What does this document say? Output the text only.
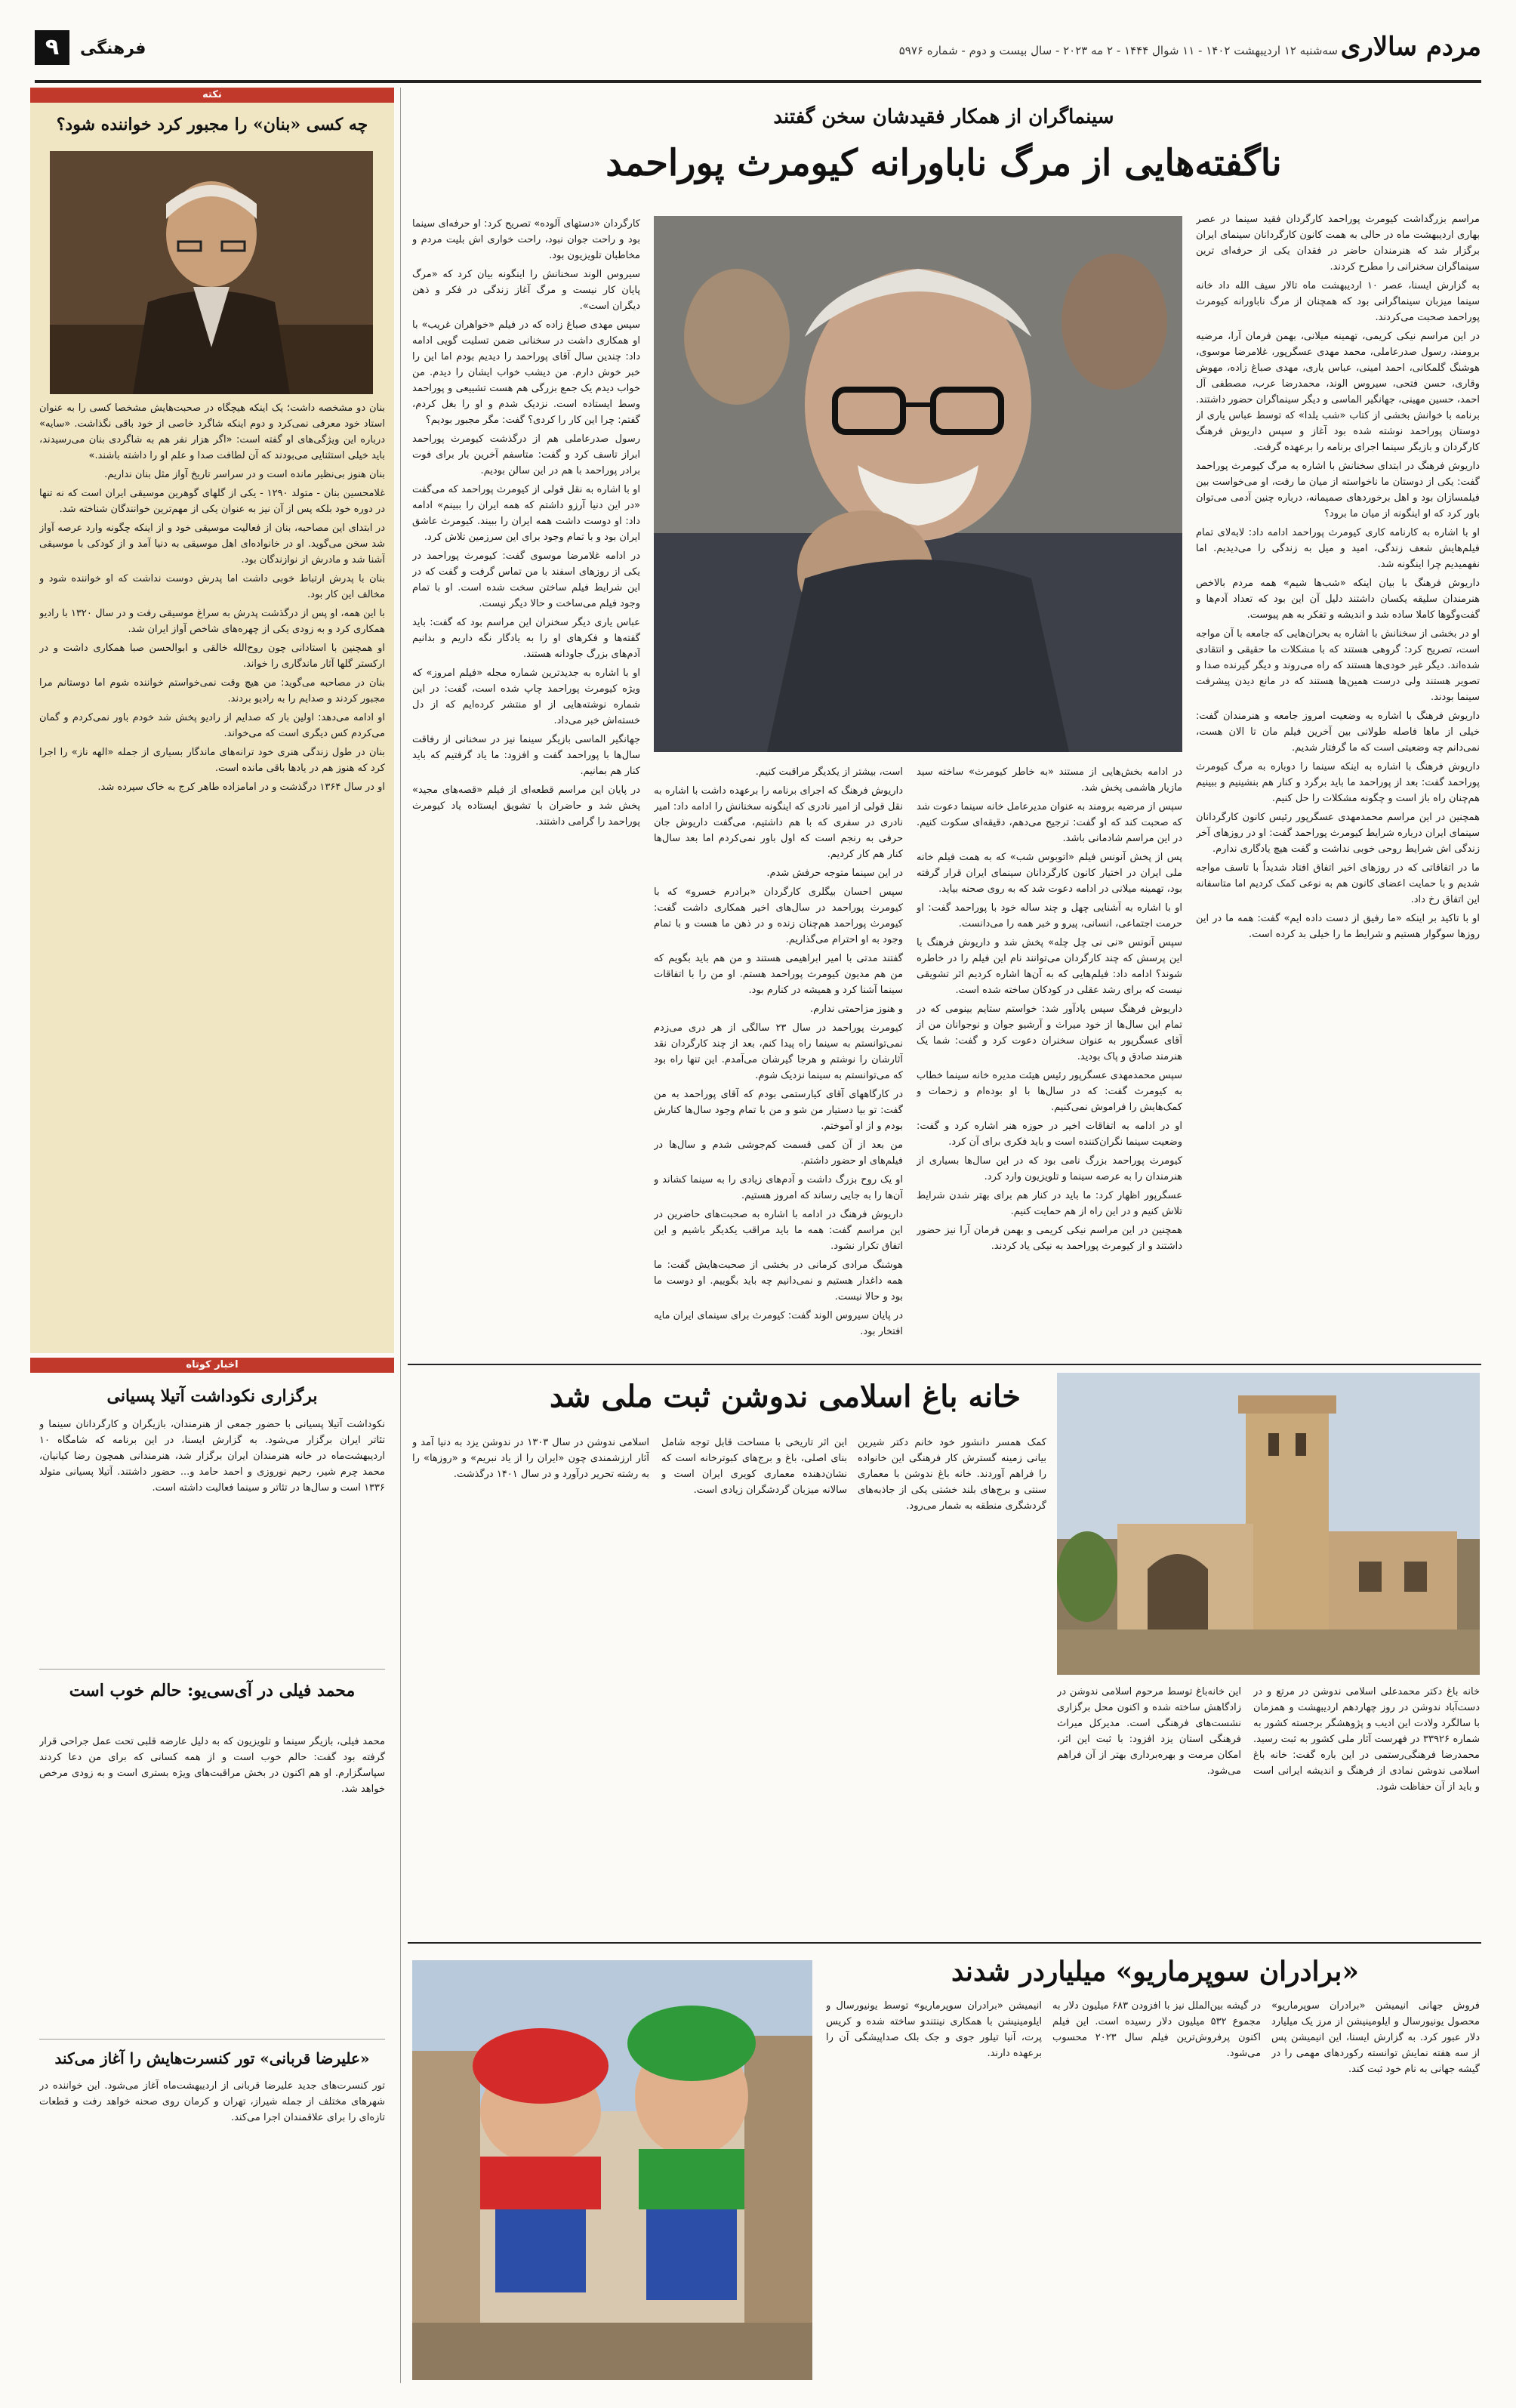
مردم سالاری
سه‌شنبه ۱۲ اردیبهشت ۱۴۰۲ - ۱۱ شوال ۱۴۴۴ - ۲ مه ۲۰۲۳ - سال بیست و دوم - شماره ۵۹۷۶
فرهنگی
۹
نکته
چه کسی «بنان» را مجبور کرد خواننده شود؟

بنان دو مشخصه داشت؛ یک اینکه هیچگاه در صحبت‌هایش مشخصا کسی را به عنوان استاد خود معرفی نمی‌کرد و دوم اینکه شاگرد خاصی از خود باقی نگذاشت. «سایه» درباره این ویژگی‌های او گفته است: «اگر هزار نفر هم به شاگردی بنان می‌رسیدند، باید خیلی استثنایی می‌بودند که آن لطافت صدا و علم او را داشته باشند.»

بنان هنوز بی‌نظیر مانده است و در سراسر تاریخ آواز مثل بنان نداریم.

غلامحسین بنان - متولد ۱۲۹۰ - یکی از گلهای گوهرین موسیقی ایران است که نه تنها در دوره خود بلکه پس از آن نیز به عنوان یکی از مهم‌ترین خوانندگان شناخته شد.

در ابتدای این مصاحبه، بنان از فعالیت موسیقی خود و از اینکه چگونه وارد عرصه آواز شد سخن می‌گوید. او در خانواده‌ای اهل موسیقی به دنیا آمد و از کودکی با موسیقی آشنا شد و مادرش از نوازندگان بود.

بنان با پدرش ارتباط خوبی داشت اما پدرش دوست نداشت که او خواننده شود و مخالف این کار بود.

با این همه، او پس از درگذشت پدرش به سراغ موسیقی رفت و در سال ۱۳۲۰ با رادیو همکاری کرد و به زودی یکی از چهره‌های شاخص آواز ایران شد.

او همچنین با استادانی چون روح‌الله خالقی و ابوالحسن صبا همکاری داشت و در ارکستر گلها آثار ماندگاری را خواند.

بنان در مصاحبه می‌گوید: من هیچ وقت نمی‌خواستم خواننده شوم اما دوستانم مرا مجبور کردند و صدایم را به رادیو بردند.

او ادامه می‌دهد: اولین بار که صدایم از رادیو پخش شد خودم باور نمی‌کردم و گمان می‌کردم کس دیگری است که می‌خواند.

بنان در طول زندگی هنری خود ترانه‌های ماندگار بسیاری از جمله «الهه ناز» را اجرا کرد که هنوز هم در یادها باقی مانده است.

او در سال ۱۳۶۴ درگذشت و در امامزاده طاهر کرج به خاک سپرده شد.

اخبار کوتاه
برگزاری نکوداشت آتیلا پسیانی
نکوداشت آتیلا پسیانی با حضور جمعی از هنرمندان، بازیگران و کارگردانان سینما و تئاتر ایران برگزار می‌شود. به گزارش ایسنا، در این برنامه که شامگاه ۱۰ اردیبهشت‌ماه در خانه هنرمندان ایران برگزار شد، هنرمندانی همچون رضا کیانیان، محمد چرم شیر، رحیم نوروزی و احمد حامد و... حضور داشتند. آتیلا پسیانی متولد ۱۳۳۶ است و سال‌ها در تئاتر و سینما فعالیت داشته است.
محمد فیلی در آی‌سی‌یو: حالم خوب است
محمد فیلی، بازیگر سینما و تلویزیون که به دلیل عارضه قلبی تحت عمل جراحی قرار گرفته بود گفت: حالم خوب است و از همه کسانی که برای من دعا کردند سپاسگزارم. او هم اکنون در بخش مراقبت‌های ویژه بستری است و به زودی مرخص خواهد شد.
«علیرضا قربانی» تور کنسرت‌هایش را آغاز می‌کند
تور کنسرت‌های جدید علیرضا قربانی از اردیبهشت‌ماه آغاز می‌شود. این خواننده در شهرهای مختلف از جمله شیراز، تهران و کرمان روی صحنه خواهد رفت و قطعات تازه‌ای را برای علاقمندان اجرا می‌کند.
سینماگران از همکار فقیدشان سخن گفتند
ناگفته‌هایی از مرگ ناباورانه کیومرث پوراحمد

مراسم بزرگداشت کیومرث پوراحمد کارگردان فقید سینما در عصر بهاری اردیبهشت ماه در حالی به همت کانون کارگردانان سینمای ایران برگزار شد که هنرمندان حاضر در فقدان یکی از حرفه‌ای ترین سینماگران سخنرانی را مطرح کردند.

به گزارش ایسنا، عصر ۱۰ اردیبهشت ماه تالار سیف الله داد خانه سینما میزبان سینماگرانی بود که همچنان از مرگ ناباورانه کیومرث پوراحمد صحبت می‌کردند.

در این مراسم نیکی کریمی، تهمینه میلانی، بهمن فرمان آرا، مرضیه برومند، رسول صدرعاملی، محمد مهدی عسگرپور، غلامرضا موسوی، هوشنگ گلمکانی، احمد امینی، عباس یاری، مهدی صباغ زاده، مهوش وقاری، حسن فتحی، سیروس الوند، محمدرضا عرب، مصطفی آل احمد، حسین مهینی، جهانگیر الماسی و دیگر سینماگران حضور داشتند. برنامه با خوانش بخشی از کتاب «شب یلدا» که توسط عباس یاری از دوستان پوراحمد نوشته شده بود آغاز و سپس داریوش فرهنگ کارگردان و بازیگر سینما اجرای برنامه را برعهده گرفت.

داریوش فرهنگ در ابتدای سخنانش با اشاره به مرگ کیومرث پوراحمد گفت: یکی از دوستان ما ناخواسته از میان ما رفت، او می‌خواست بین فیلمسازان بود و اهل برخوردهای صمیمانه، درباره چنین آدمی می‌توان باور کرد که او اینگونه از میان ما برود؟

او با اشاره به کارنامه کاری کیومرث پوراحمد ادامه داد: لابه‌لای تمام فیلم‌هایش شعف زندگی، امید و میل به زندگی را می‌دیدیم. اما نفهمیدیم چرا اینگونه شد.

داریوش فرهنگ با بیان اینکه «شب‌ها شیم» همه مردم بالاخص هنرمندان سلیقه یکسان داشتند دلیل آن این بود که تعداد آدم‌ها و گفت‌و‌گوها کاملا ساده شد و اندیشه و تفکر به هم پیوست.

او در بخشی از سخنانش با اشاره به بحران‌هایی که جامعه با آن مواجه است، تصریح کرد: گروهی هستند که با مشکلات ما حقیقی و انتقادی شده‌اند. دیگر غیر خودی‌ها هستند که راه می‌روند و دیگر گیرنده صدا و تصویر هستند ولی درست همین‌ها هستند که در مانع دیدن پیشرفت سینما بودند.

داریوش فرهنگ با اشاره به وضعیت امروز جامعه و هنرمندان گفت: خیلی از ماها فاصله طولانی بین آخرین فیلم مان تا الان هست، نمی‌دانم چه وضعیتی است که ما گرفتار شدیم.

داریوش فرهنگ با اشاره به اینکه سینما را دوباره به مرگ کیومرث پوراحمد گفت: بعد از پوراحمد ما باید برگرد و کنار هم بنشینیم و ببینیم هم‌چنان راه باز است و چگونه مشکلات را حل کنیم.

همچنین در این مراسم محمدمهدی عسگرپور رئیس کانون کارگردانان سینمای ایران درباره شرایط کیومرث پوراحمد گفت: او در روزهای آخر زندگی اش شرایط روحی خوبی نداشت و گفت هیچ یادگاری ندارم.

ما در اتفاقاتی که در روزهای اخیر اتفاق افتاد شدیداً با تاسف مواجه شدیم و با حمایت اعضای کانون هم به نوعی کمک کردیم اما متاسفانه این اتفاق رخ داد.

او با تاکید بر اینکه «ما رفیق از دست داده ایم» گفت: همه ما در این روزها سوگوار هستیم و شرایط ما را خیلی بد کرده است.

کارگردان «دستهای آلوده» تصریح کرد: او حرفه‌ای سینما بود و راحت جوان نبود، راحت خواری اش بلیت مردم و مخاطبان تلویزیون بود.

سیروس الوند سخنانش را اینگونه بیان کرد که «مرگ پایان کار نیست و مرگ آغاز زندگی در فکر و ذهن دیگران است».

سپس مهدی صباغ زاده که در فیلم «خواهران غریب» با او همکاری داشت در سخنانی ضمن تسلیت گویی ادامه داد: چندین سال آقای پوراحمد را دیدیم بودم اما این را خبر خوش دارم. من دیشب خواب ایشان را دیدم. من خواب دیدم یک جمع بزرگی هم هست تشییعی و پوراحمد وسط ایستاده است. نزدیک شدم و او را بغل کردم، گفتم: چرا این کار را کردی؟ گفت: مگر مجبور بودیم؟

رسول صدرعاملی هم از درگذشت کیومرث پوراحمد ابراز تاسف کرد و گفت: متاسفم آخرین بار برای فوت برادر پوراحمد با هم در این سالن بودیم.

او با اشاره به نقل قولی از کیومرث پوراحمد که می‌گفت «در این دنیا آرزو داشتم که همه ایران را ببینم» ادامه داد: او دوست داشت همه ایران را ببیند. کیومرث عاشق ایران بود و با تمام وجود برای این سرزمین تلاش کرد.

در ادامه غلامرضا موسوی گفت: کیومرث پوراحمد در یکی از روزهای اسفند با من تماس گرفت و گفت که در این شرایط فیلم ساختن سخت شده است. او با تمام وجود فیلم می‌ساخت و حالا دیگر نیست.

عباس یاری دیگر سخنران این مراسم بود که گفت: باید گفته‌ها و فکرهای او را به یادگار نگه داریم و بدانیم آدم‌های بزرگ جاودانه هستند.

او با اشاره به جدیدترین شماره مجله «فیلم امروز» که ویژه کیومرث پوراحمد چاپ شده است، گفت: در این شماره نوشته‌هایی از او منتشر کرده‌ایم که از دل خسته‌اش خبر می‌داد.

جهانگیر الماسی بازیگر سینما نیز در سخنانی از رفاقت سال‌ها با پوراحمد گفت و افزود: ما یاد گرفتیم که باید کنار هم بمانیم.

در پایان این مراسم قطعه‌ای از فیلم «قصه‌های مجید» پخش شد و حاضران با تشویق ایستاده یاد کیومرث پوراحمد را گرامی داشتند.

است، بیشتر از یکدیگر مراقبت کنیم.

داریوش فرهنگ که اجرای برنامه را برعهده داشت با اشاره به نقل قولی از امیر نادری که اینگونه سخنانش را ادامه داد: امیر نادری در سفری که با هم داشتیم، می‌گفت داریوش جان حرفی به رنجم است که اول باور نمی‌کردم اما بعد سال‌ها کنار هم کار کردیم.

در این سینما متوجه حرفش شدم.

سپس احسان بیگلری کارگردان «برادرم خسرو» که با کیومرث پوراحمد در سال‌های اخیر همکاری داشت گفت: کیومرث پوراحمد هم‌چنان زنده و در ذهن ما هست و با تمام وجود به او احترام می‌گذاریم.

گفتند مدتی با امیر ابراهیمی هستند و من هم باید بگویم که من هم مدیون کیومرث پوراحمد هستم. او من را با اتفاقات سینما آشنا کرد و همیشه در کنارم بود.

و هنوز مزاحمتی ندارم.

کیومرث پوراحمد در سال ۲۳ سالگی از هر دری می‌زدم نمی‌توانستم به سینما راه پیدا کنم، بعد از چند کارگردان نقد آثارشان را نوشتم و هرجا گیرشان می‌آمدم. این تنها راه بود که می‌توانستم به سینما نزدیک شوم.

در کارگاههای آقای کیارستمی بودم که آقای پوراحمد به من گفت: تو بیا دستیار من شو و من با تمام وجود سال‌ها کنارش بودم و از او آموختم.

من بعد از آن کمی قسمت کم‌جوشی شدم و سال‌ها در فیلم‌های او حضور داشتم.

او یک روح بزرگ داشت و آدم‌های زیادی را به سینما کشاند و آن‌ها را به جایی رساند که امروز هستیم.

داریوش فرهنگ در ادامه با اشاره به صحبت‌های حاضرین در این مراسم گفت: همه ما باید مراقب یکدیگر باشیم و این اتفاق تکرار نشود.

هوشنگ مرادی کرمانی در بخشی از صحبت‌هایش گفت: ما همه داغدار هستیم و نمی‌دانیم چه باید بگوییم. او دوست ما بود و حالا نیست.

در پایان سیروس الوند گفت: کیومرث برای سینمای ایران مایه افتخار بود.

در ادامه بخش‌هایی از مستند «به خاطر کیومرث» ساخته سید مازیار هاشمی پخش شد.

سپس از مرضیه برومند به عنوان مدیرعامل خانه سینما دعوت شد که صحبت کند که او گفت: ترجیح می‌دهم، دقیقه‌ای سکوت کنیم. در این مراسم شادمانی باشد.

پس از پخش آنونس فیلم «اتوبوس شب» که به همت فیلم خانه ملی ایران در اختیار کانون کارگردانان سینمای ایران قرار گرفته بود، تهمینه میلانی در ادامه دعوت شد که به روی صحنه بیاید.

او با اشاره به آشنایی چهل و چند ساله خود با پوراحمد گفت: او حرمت اجتماعی، انسانی، پیرو و خبر همه را می‌دانست.

سپس آنونس «نی نی چل چله» پخش شد و داریوش فرهنگ با این پرسش که چند کارگردان می‌توانند نام این فیلم را در خاطره شوند؟ ادامه داد: فیلم‌هایی که به آن‌ها اشاره کردیم اثر تشویقی نیست که برای رشد عقلی در کودکان ساخته شده است.

داریوش فرهنگ سپس پادآور شد: خواستم ستایم بینومی که در تمام این سال‌ها از خود میراث و آرشیو جوان و نوجوانان من از آقای عسگرپور به عنوان سخنران دعوت کرد و گفت: شما یک هنرمند صادق و پاک بودید.

سپس محمدمهدی عسگرپور رئیس هیئت مدیره خانه سینما خطاب به کیومرث گفت: که در سال‌ها با او بوده‌ام و زحمات و کمک‌هایش را فراموش نمی‌کنیم.

او در ادامه به اتفاقات اخیر در حوزه هنر اشاره کرد و گفت: وضعیت سینما نگران‌کننده است و باید فکری برای آن کرد.

کیومرث پوراحمد بزرگ نامی بود که در این سال‌ها بسیاری از هنرمندان را به عرصه سینما و تلویزیون وارد کرد.

عسگرپور اظهار کرد: ما باید در کنار هم برای بهتر شدن شرایط تلاش کنیم و در این راه از هم حمایت کنیم.

همچنین در این مراسم نیکی کریمی و بهمن فرمان آرا نیز حضور داشتند و از کیومرث پوراحمد به نیکی یاد کردند.

خانه باغ اسلامی ندوشن ثبت ملی شد
خانه باغ دکتر محمدعلی اسلامی ندوشن در مرتع و در دست‌آباد ندوشن در روز چهاردهم اردیبهشت و همزمان با سالگرد ولادت این ادیب و پژوهشگر برجسته کشور به شماره ۳۳۹۲۶ در فهرست آثار ملی کشور به ثبت رسید. محمدرضا فرهنگی‌رستمی در این باره گفت: خانه باغ اسلامی ندوشن نمادی از فرهنگ و اندیشه ایرانی است و باید از آن حفاظت شود.
این خانه‌باغ توسط مرحوم اسلامی ندوشن در زادگاهش ساخته شده و اکنون محل برگزاری نشست‌های فرهنگی است. مدیرکل میراث فرهنگی استان یزد افزود: با ثبت این اثر، امکان مرمت و بهره‌برداری بهتر از آن فراهم می‌شود.
کمک همسر دانشور خود خانم دکتر شیرین بیانی زمینه گسترش کار فرهنگی این خانواده را فراهم آوردند. خانه باغ ندوشن با معماری سنتی و برج‌های بلند خشتی یکی از جاذبه‌های گردشگری منطقه به شمار می‌رود.
این اثر تاریخی با مساحت قابل توجه شامل بنای اصلی، باغ و برج‌های کبوترخانه است که نشان‌دهنده معماری کویری ایران است و سالانه میزبان گردشگران زیادی است.
اسلامی ندوشن در سال ۱۳۰۳ در ندوشن یزد به دنیا آمد و آثار ارزشمندی چون «ایران را از یاد نبریم» و «روزها» را به رشته تحریر درآورد و در سال ۱۴۰۱ درگذشت.
«برادران سوپرماریو» میلیاردر شدند
فروش جهانی انیمیشن «برادران سوپرماریو» محصول یونیورسال و ایلومینیشن از مرز یک میلیارد دلار عبور کرد. به گزارش ایسنا، این انیمیشن پس از سه هفته نمایش توانسته رکوردهای مهمی را در گیشه جهانی به نام خود ثبت کند.
در گیشه بین‌الملل نیز با افزودن ۶۸۳ میلیون دلار به مجموع ۵۳۲ میلیون دلار رسیده است. این فیلم اکنون پرفروش‌ترین فیلم سال ۲۰۲۳ محسوب می‌شود.
انیمیشن «برادران سوپرماریو» توسط یونیورسال و ایلومینیشن با همکاری نینتندو ساخته شده و کریس پرت، آنیا تیلور جوی و جک بلک صداپیشگی آن را برعهده دارند.
